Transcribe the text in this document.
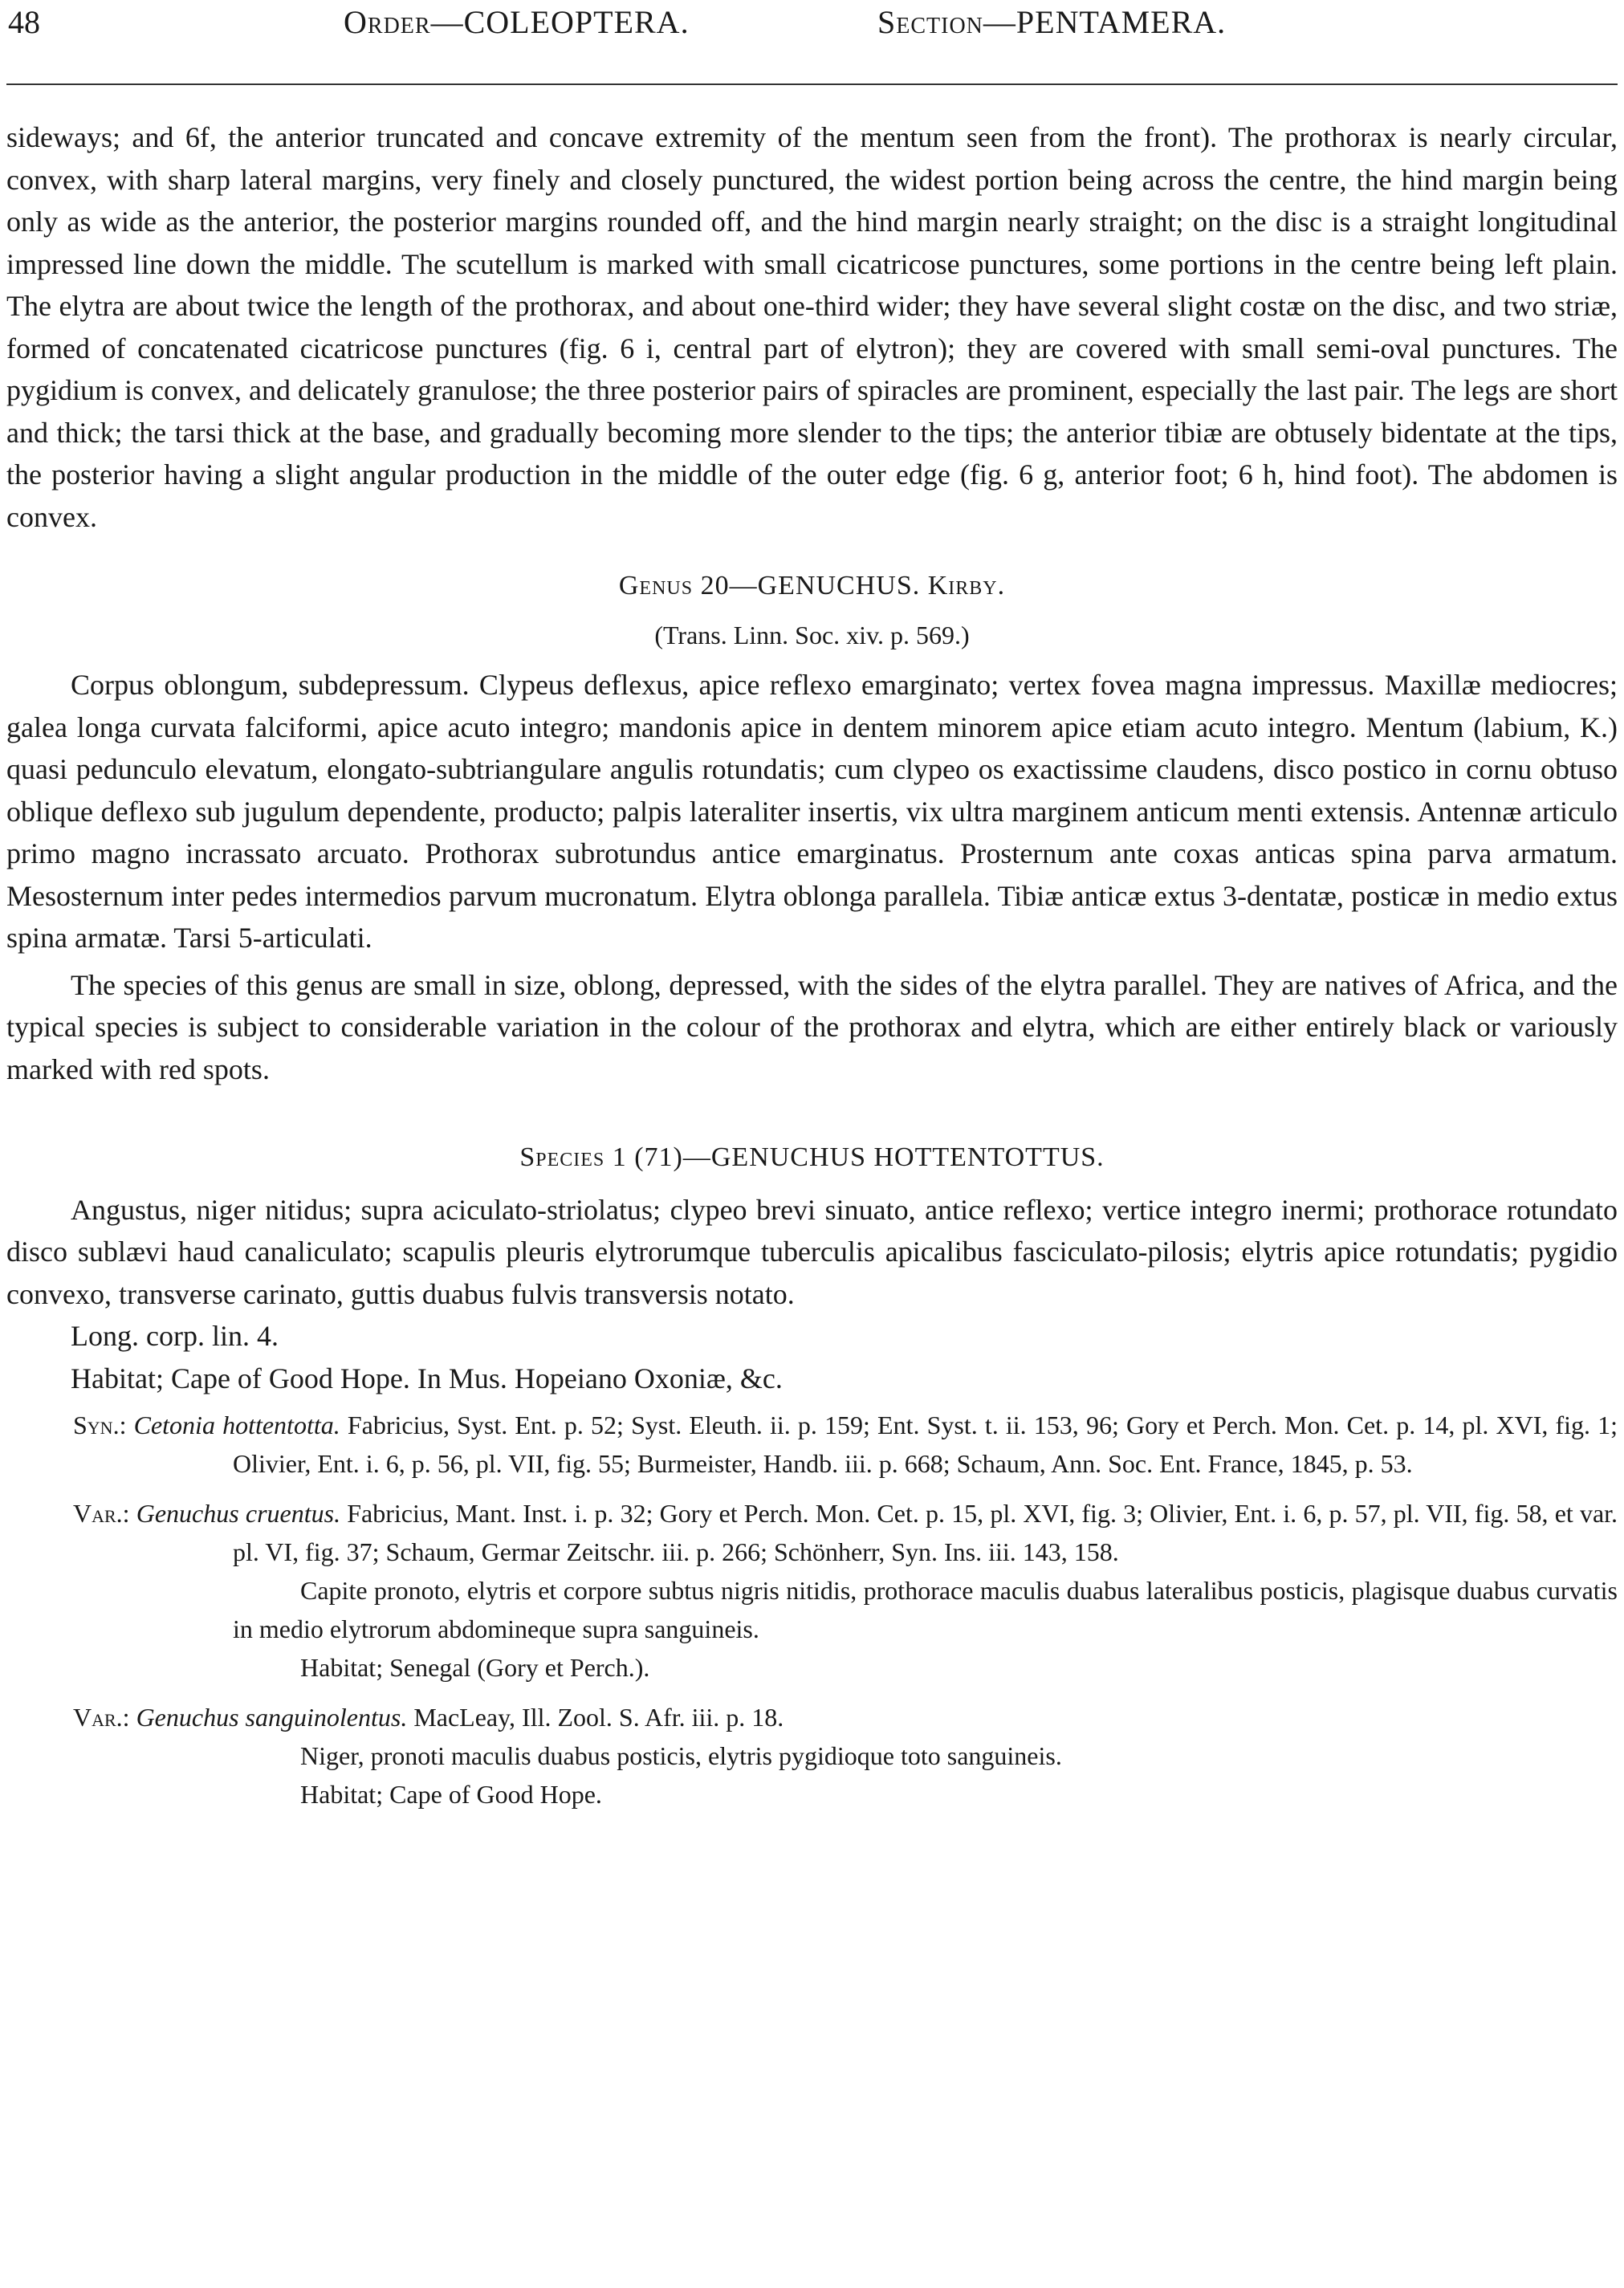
48	Order—COLEOPTERA.	Section—PENTAMERA.

sideways; and 6f, the anterior truncated and concave extremity of the mentum seen from the front). The prothorax is nearly circular, convex, with sharp lateral margins, very finely and closely punctured, the widest portion being across the centre, the hind margin being only as wide as the anterior, the posterior margins rounded off, and the hind margin nearly straight; on the disc is a straight longitudinal impressed line down the middle. The scutellum is marked with small cicatricose punctures, some portions in the centre being left plain. The elytra are about twice the length of the prothorax, and about one-third wider; they have several slight costæ on the disc, and two striæ, formed of concatenated cicatricose punctures (fig. 6 i, central part of elytron); they are covered with small semi-oval punctures. The pygidium is convex, and delicately granulose; the three posterior pairs of spiracles are prominent, especially the last pair. The legs are short and thick; the tarsi thick at the base, and gradually becoming more slender to the tips; the anterior tibiæ are obtusely bidentate at the tips, the posterior having a slight angular production in the middle of the outer edge (fig. 6 g, anterior foot; 6 h, hind foot). The abdomen is convex.

Genus 20—GENUCHUS. Kirby.

(Trans. Linn. Soc. xiv. p. 569.)

Corpus oblongum, subdepressum. Clypeus deflexus, apice reflexo emarginato; vertex fovea magna impressus. Maxillæ mediocres; galea longa curvata falciformi, apice acuto integro; mandonis apice in dentem minorem apice etiam acuto integro. Mentum (labium, K.) quasi pedunculo elevatum, elongato-subtriangulare angulis rotundatis; cum clypeo os exactissime claudens, disco postico in cornu obtuso oblique deflexo sub jugulum dependente, producto; palpis lateraliter insertis, vix ultra marginem anticum menti extensis. Antennæ articulo primo magno incrassato arcuato. Prothorax subrotundus antice emarginatus. Prosternum ante coxas anticas spina parva armatum. Mesosternum inter pedes intermedios parvum mucronatum. Elytra oblonga parallela. Tibiæ anticæ extus 3-dentatæ, posticæ in medio extus spina armatæ. Tarsi 5-articulati.

The species of this genus are small in size, oblong, depressed, with the sides of the elytra parallel. They are natives of Africa, and the typical species is subject to considerable variation in the colour of the prothorax and elytra, which are either entirely black or variously marked with red spots.

Species 1 (71)—GENUCHUS HOTTENTOTTUS.

Angustus, niger nitidus; supra aciculato-striolatus; clypeo brevi sinuato, antice reflexo; vertice integro inermi; prothorace rotundato disco sublævi haud canaliculato; scapulis pleuris elytrorumque tuberculis apicalibus fasciculato-pilosis; elytris apice rotundatis; pygidio convexo, transverse carinato, guttis duabus fulvis transversis notato.

Long. corp. lin. 4.

Habitat; Cape of Good Hope. In Mus. Hopeiano Oxoniæ, &c.

Syn.: Cetonia hottentotta. Fabricius, Syst. Ent. p. 52; Syst. Eleuth. ii. p. 159; Ent. Syst. t. ii. 153, 96; Gory et Perch. Mon. Cet. p. 14, pl. XVI, fig. 1; Olivier, Ent. i. 6, p. 56, pl. VII, fig. 55; Burmeister, Handb. iii. p. 668; Schaum, Ann. Soc. Ent. France, 1845, p. 53.

Var.: Genuchus cruentus. Fabricius, Mant. Inst. i. p. 32; Gory et Perch. Mon. Cet. p. 15, pl. XVI, fig. 3; Olivier, Ent. i. 6, p. 57, pl. VII, fig. 58, et var. pl. VI, fig. 37; Schaum, Germar Zeitschr. iii. p. 266; Schönherr, Syn. Ins. iii. 143, 158.

Capite pronoto, elytris et corpore subtus nigris nitidis, prothorace maculis duabus lateralibus posticis, plagisque duabus curvatis in medio elytrorum abdomineque supra sanguineis.

Habitat; Senegal (Gory et Perch.).

Var.: Genuchus sanguinolentus. MacLeay, Ill. Zool. S. Afr. iii. p. 18.

Niger, pronoti maculis duabus posticis, elytris pygidioque toto sanguineis.

Habitat; Cape of Good Hope.
